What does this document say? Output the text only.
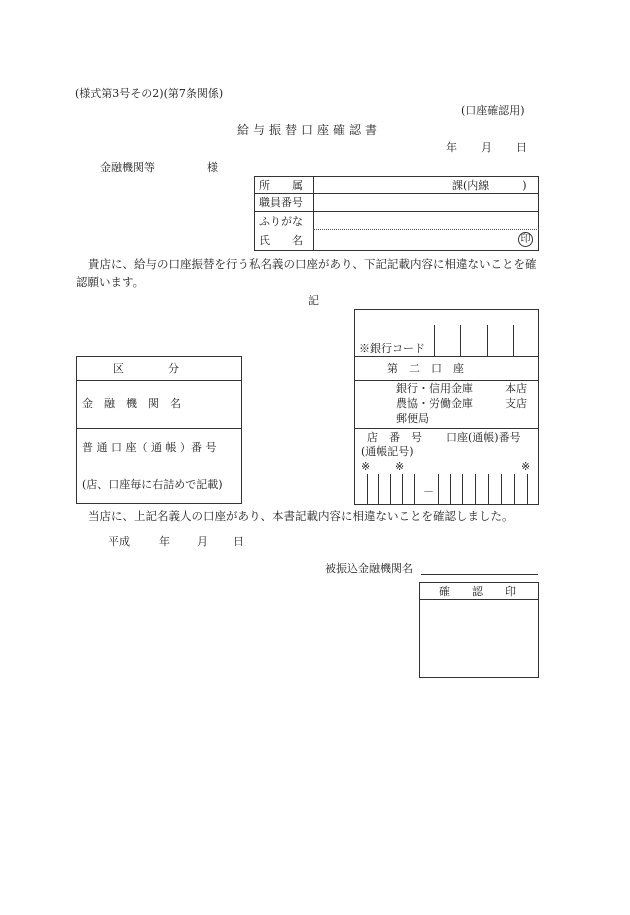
(様式第3号その2)(第7条関係)
(口座確認用)
給与振替口座確認書
年 月 日
金融機関等	様
所　　属	課(内線　　　)
職員番号
ふりがな
氏　　名	印
貴店に、給与の口座振替を行う私名義の口座があり、下記記載内容に相違ないことを確
認願います。
記
区　　　　分
金　融　機　関　名
普 通 口 座（ 通 帳 ）番 号
(店、口座毎に右詰めで記載)
※銀行コード
第　二　口　座
銀行・信用金庫	本店
農協・労働金庫	支店
郵便局
店　番　号 口座(通帳)番号
(通帳記号)
※ ※	※
－
当店に、上記名義人の口座があり、本書記載内容に相違ないことを確認しました。
平成	年 月 日
被振込金融機関名
確　　認　　印
